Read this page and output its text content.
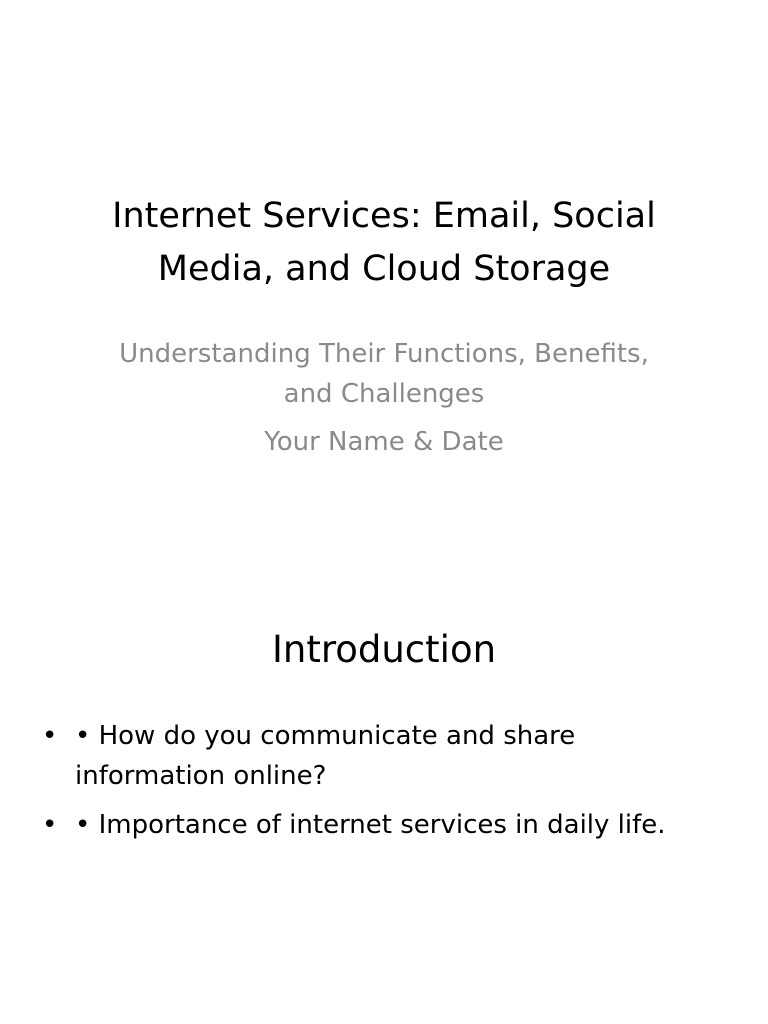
Internet Services: Email, Social Media, and Cloud Storage

Understanding Their Functions, Benefits, and Challenges

Your Name & Date

Introduction
• • How do you communicate and share information online?
• • Importance of internet services in daily life.
